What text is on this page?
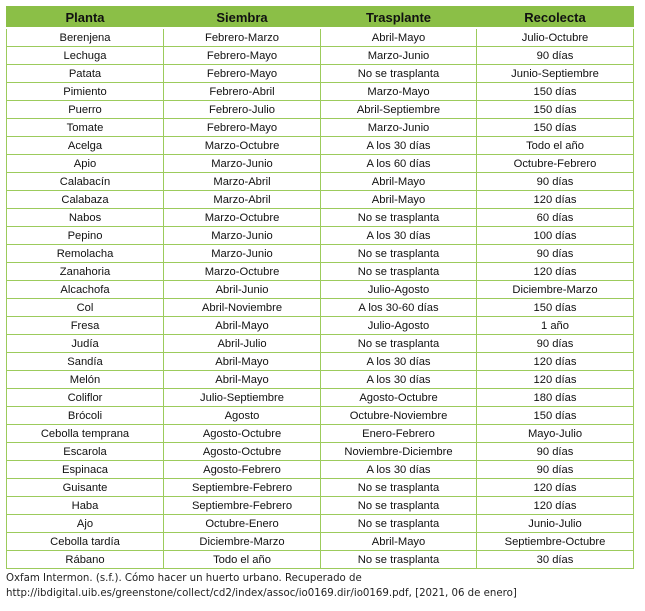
Planta	Siembra	Trasplante	Recolecta
Berenjena	Febrero-Marzo	Abril-Mayo	Julio-Octubre
Lechuga	Febrero-Mayo	Marzo-Junio	90 días
Patata	Febrero-Mayo	No se trasplanta	Junio-Septiembre
Pimiento	Febrero-Abril	Marzo-Mayo	150 días
Puerro	Febrero-Julio	Abril-Septiembre	150 días
Tomate	Febrero-Mayo	Marzo-Junio	150 días
Acelga	Marzo-Octubre	A los 30 días	Todo el año
Apio	Marzo-Junio	A los 60 días	Octubre-Febrero
Calabacín	Marzo-Abril	Abril-Mayo	90 días
Calabaza	Marzo-Abril	Abril-Mayo	120 días
Nabos	Marzo-Octubre	No se trasplanta	60 días
Pepino	Marzo-Junio	A los 30 días	100 días
Remolacha	Marzo-Junio	No se trasplanta	90 días
Zanahoria	Marzo-Octubre	No se trasplanta	120 días
Alcachofa	Abril-Junio	Julio-Agosto	Diciembre-Marzo
Col	Abril-Noviembre	A los 30-60 días	150 días
Fresa	Abril-Mayo	Julio-Agosto	1 año
Judía	Abril-Julio	No se trasplanta	90 días
Sandía	Abril-Mayo	A los 30 días	120 días
Melón	Abril-Mayo	A los 30 días	120 días
Coliflor	Julio-Septiembre	Agosto-Octubre	180 días
Brócoli	Agosto	Octubre-Noviembre	150 días
Cebolla temprana	Agosto-Octubre	Enero-Febrero	Mayo-Julio
Escarola	Agosto-Octubre	Noviembre-Diciembre	90 días
Espinaca	Agosto-Febrero	A los 30 días	90 días
Guisante	Septiembre-Febrero	No se trasplanta	120 días
Haba	Septiembre-Febrero	No se trasplanta	120 días
Ajo	Octubre-Enero	No se trasplanta	Junio-Julio
Cebolla tardía	Diciembre-Marzo	Abril-Mayo	Septiembre-Octubre
Rábano	Todo el año	No se trasplanta	30 días
Oxfam Intermon. (s.f.). Cómo hacer un huerto urbano. Recuperado de
http://ibdigital.uib.es/greenstone/collect/cd2/index/assoc/io0169.dir/io0169.pdf, [2021, 06 de enero]
